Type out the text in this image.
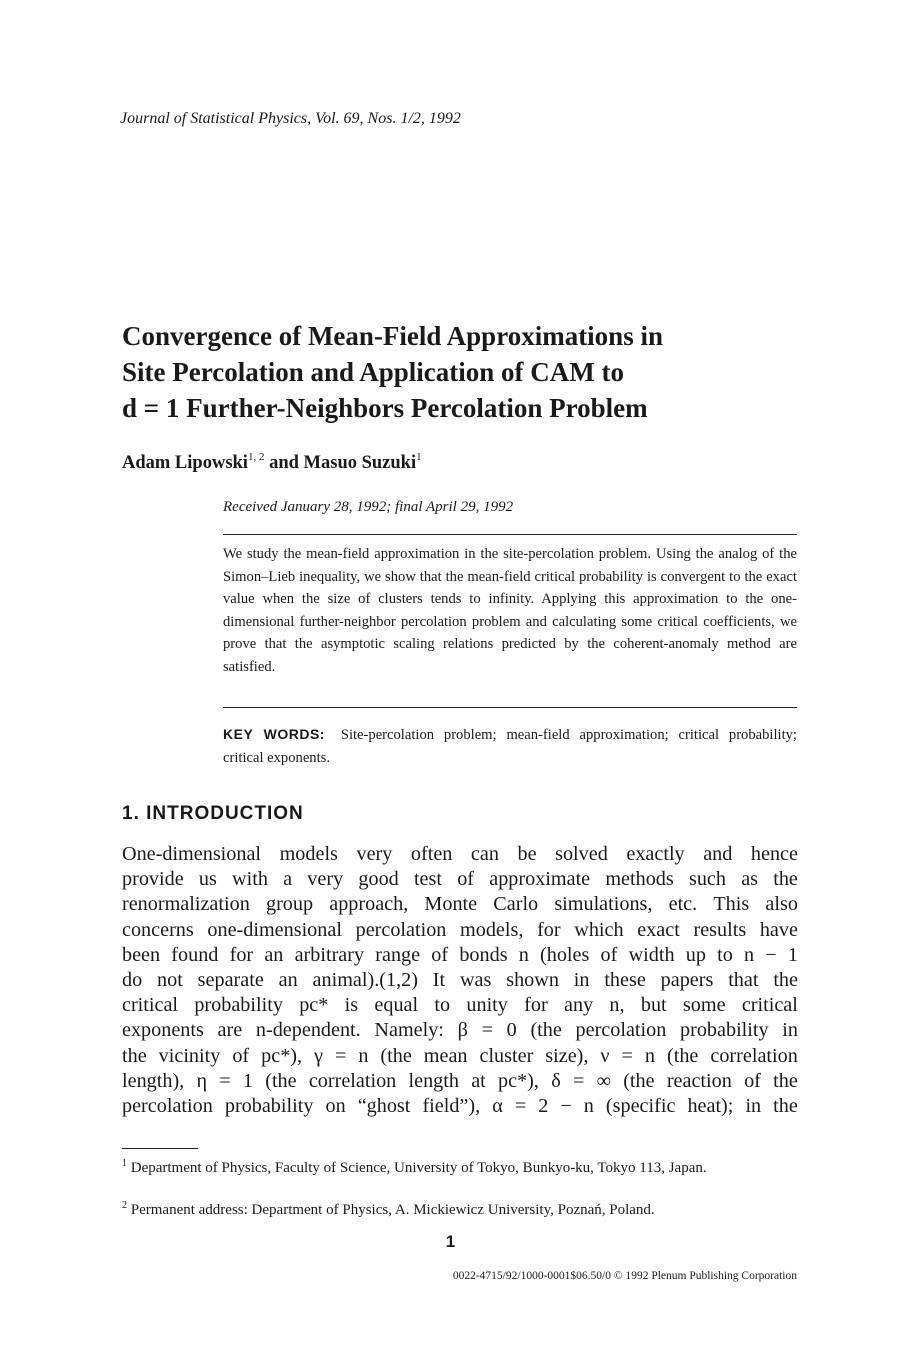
Journal of Statistical Physics, Vol. 69, Nos. 1/2, 1992
Convergence of Mean-Field Approximations in
Site Percolation and Application of CAM to
d = 1 Further-Neighbors Percolation Problem
Adam Lipowski$^{1, 2}$ and Masuo Suzuki$^1$
Received January 28, 1992; final April 29, 1992
We study the mean-field approximation in the site-percolation problem. Using the analog of the Simon–Lieb inequality, we show that the mean-field critical probability is convergent to the exact value when the size of clusters tends to infinity. Applying this approximation to the one-dimensional further-neighbor percolation problem and calculating some critical coefficients, we prove that the asymptotic scaling relations predicted by the coherent-anomaly method are satisfied.
KEY WORDS: Site-percolation problem; mean-field approximation; critical probability; critical exponents.
1. INTRODUCTION
One-dimensional models very often can be solved exactly and hence
provide us with a very good test of approximate methods such as the
renormalization group approach, Monte Carlo simulations, etc. This also
concerns one-dimensional percolation models, for which exact results have
been found for an arbitrary range of bonds n (holes of width up to n − 1
do not separate an animal).(1,2) It was shown in these papers that the
critical probability pc* is equal to unity for any n, but some critical
exponents are n-dependent. Namely: β = 0 (the percolation probability in
the vicinity of pc*), γ = n (the mean cluster size), ν = n (the correlation
length), η = 1 (the correlation length at pc*), δ = ∞ (the reaction of the
percolation probability on “ghost field”), α = 2 − n (specific heat); in the
$^1$ Department of Physics, Faculty of Science, University of Tokyo, Bunkyo-ku, Tokyo 113, Japan.
$^2$ Permanent address: Department of Physics, A. Mickiewicz University, Poznań, Poland.
1
0022-4715/92/1000-0001$06.50/0 © 1992 Plenum Publishing Corporation
